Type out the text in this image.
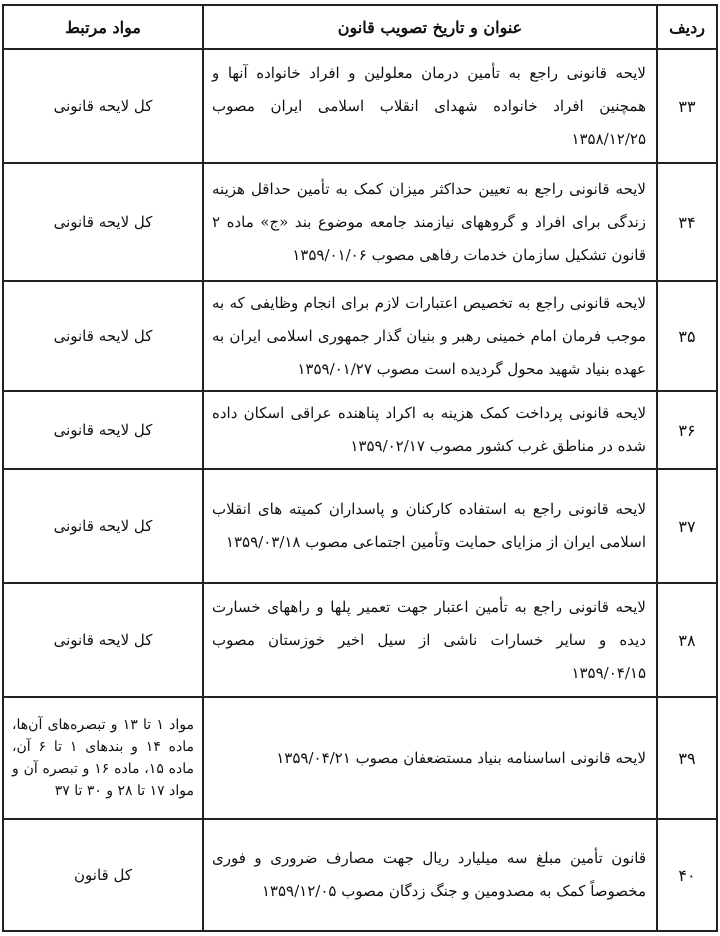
ردیف	عنوان و تاریخ تصویب قانون	مواد مرتبط
۳۳	لایحه قانونی راجع به تأمین درمان معلولین و افراد خانواده آنها و همچنین افراد خانواده شهدای انقلاب اسلامی ایران مصوب ۱۳۵۸/۱۲/۲۵	کل لایحه قانونی
۳۴	لایحه قانونی راجع به تعیین حداکثر میزان کمک به تأمین حداقل هزینه زندگی برای افراد و گروههای نیازمند جامعه موضوع بند «ج» ماده ۲ قانون تشکیل سازمان خدمات رفاهی مصوب ۱۳۵۹/۰۱/۰۶	کل لایحه قانونی
۳۵	لایحه قانونی راجع به تخصیص اعتبارات لازم برای انجام وظایفی که به موجب فرمان امام خمینی رهبر و بنیان گذار جمهوری اسلامی ایران به عهده بنیاد شهید محول گردیده است مصوب ۱۳۵۹/۰۱/۲۷	کل لایحه قانونی
۳۶	لایحه قانونی پرداخت کمک هزینه به اکراد پناهنده عراقی اسکان داده شده در مناطق غرب کشور مصوب ۱۳۵۹/۰۲/۱۷	کل لایحه قانونی
۳۷	لایحه قانونی راجع به استفاده کارکنان و پاسداران کمیته های انقلاب اسلامی ایران از مزایای حمایت وتأمین اجتماعی مصوب ۱۳۵۹/۰۳/۱۸	کل لایحه قانونی
۳۸	لایحه قانونی راجع به تأمین اعتبار جهت تعمیر پلها و راههای خسارت دیده و سایر خسارات ناشی از سیل اخیر خوزستان مصوب ۱۳۵۹/۰۴/۱۵	کل لایحه قانونی
۳۹	لایحه قانونی اساسنامه بنیاد مستضعفان مصوب ۱۳۵۹/۰۴/۲۱	مواد ۱ تا ۱۳ و تبصره‌های آن‌ها، ماده ۱۴ و بندهای ۱ تا ۶ آن، ماده ۱۵، ماده ۱۶ و تبصره آن و مواد ۱۷ تا ۲۸ و ۳۰ تا ۳۷
۴۰	قانون تأمین مبلغ سه میلیارد ریال جهت مصارف ضروری و فوری مخصوصاً کمک به مصدومین و جنگ زدگان مصوب ۱۳۵۹/۱۲/۰۵	کل قانون
